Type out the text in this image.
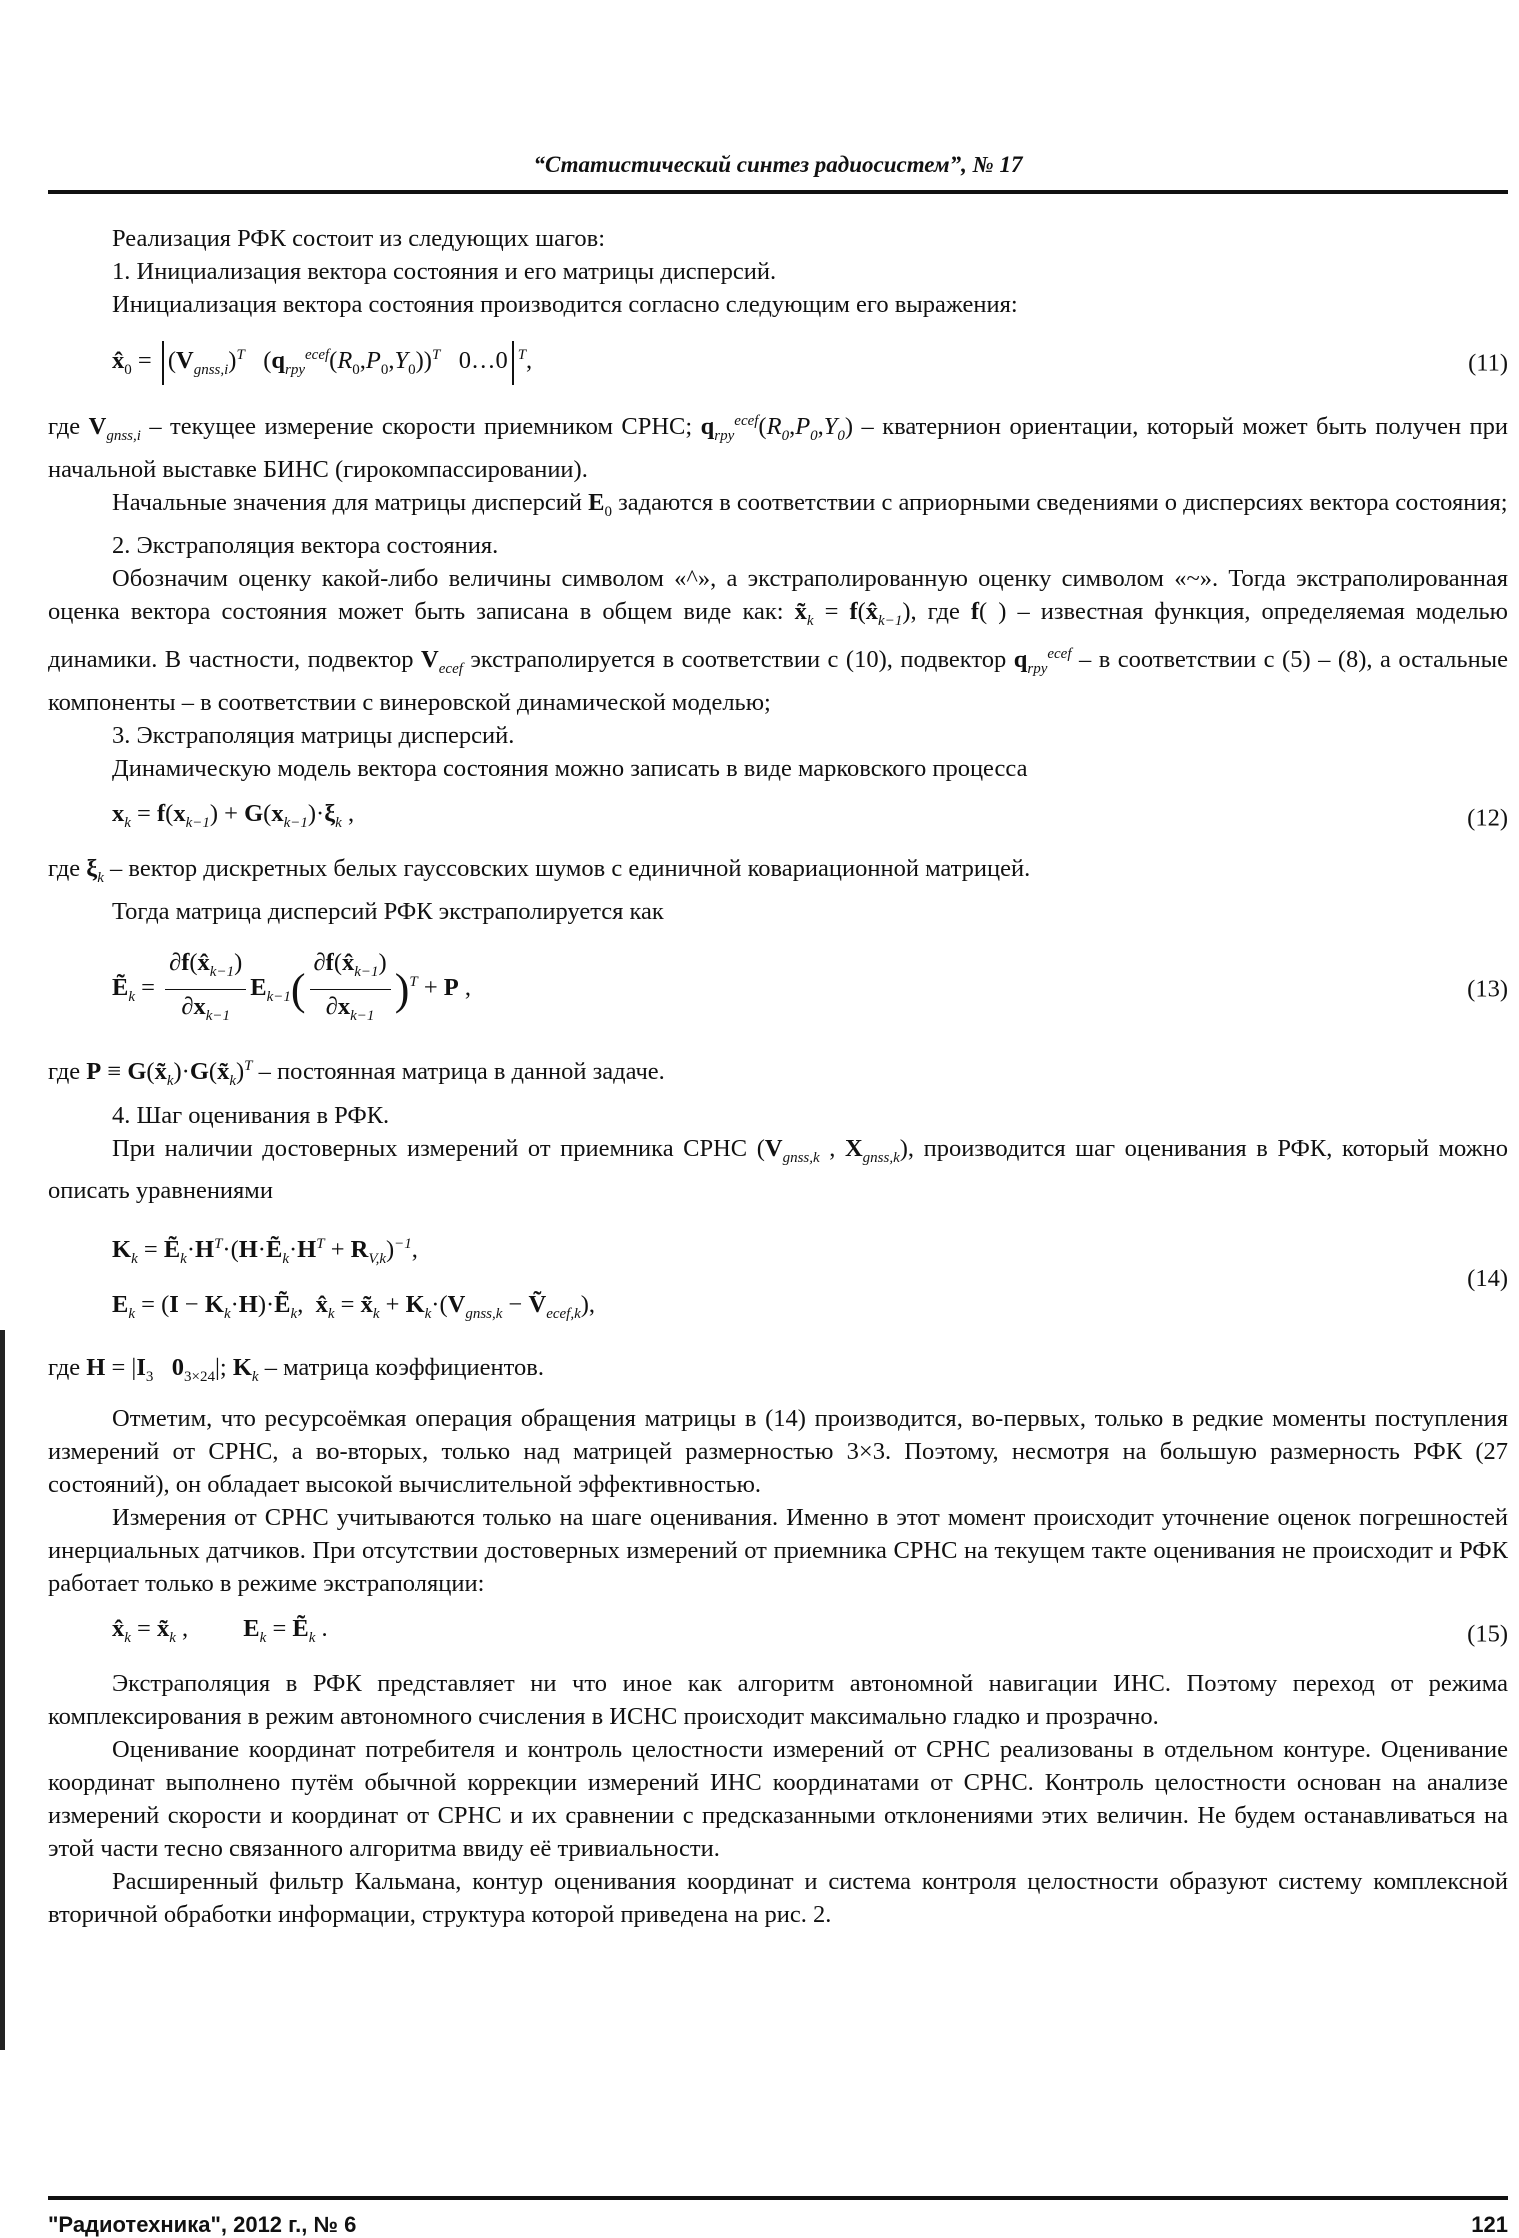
“Статистический синтез радиосистем”, № 17

Реализация РФК состоит из следующих шагов:

1. Инициализация вектора состояния и его матрицы дисперсий.

Инициализация вектора состояния производится согласно следующим его выражения:

$x̂_0 = (V_{gnss,i})^T$   $(q_{rpy}^{ecef}(R_0,P_0,Y_0))^T$ 0…0 $^T$,	(11)

где $V_{gnss,i}$ – текущее измерение скорости приемником СРНС; $q_{rpy}^{ecef}(R_0,P_0,Y_0)$ – кватернион ориентации, который может быть получен при начальной выставке БИНС (гирокомпассировании).

Начальные значения для матрицы дисперсий $E_0$ задаются в соответствии с априорными сведениями о дисперсиях вектора состояния;

2. Экстраполяция вектора состояния.

Обозначим оценку какой-либо величины символом «^», а экстраполированную оценку символом «~». Тогда экстраполированная оценка вектора состояния может быть записана в общем виде как: $x̃_k$ = $f(x̂_{k-1})$, где f( ) – известная функция, определяемая моделью динамики. В частности, подвектор $V_{ecef}$ экстраполируется в соответствии с (10), подвектор $q_{rpy}^{ecef}$ – в соответствии с (5) – (8), а остальные компоненты – в соответствии с винеровской динамической моделью;

3. Экстраполяция матрицы дисперсий.

Динамическую модель вектора состояния можно записать в виде марковского процесса

$x_k = f(x_{k-1}) + G(x_{k-1})\cdot\xi_k$ ,	(12)

где $\xi_k$ – вектор дискретных белых гауссовских шумов с единичной ковариационной матрицей.

Тогда матрица дисперсий РФК экстраполируется как

Ẽ$_k$ = $\frac{\partial f(x̂_{k-1})}{\partial x_{k-1}} E_{k-1}( \frac{\partial f(x̂_{k-1})}{\partial x_{k-1}} )^T + P$ ,	(13)

где $P \equiv G(x̃_k)\cdot G(x̃_k)^T$ – постоянная матрица в данной задаче.

4. Шаг оценивания в РФК.

При наличии достоверных измерений от приемника СРНС ($V_{gnss,k}$ , $X_{gnss,k}$), производится шаг оценивания в РФК, который можно описать уравнениями

$K_k$ = $Ẽ_k\cdot H^T\cdot(H\cdot Ẽ_k\cdot H^T + R_{V,k})^{-1}$,
$E_k = (I$ − $K_k\cdot H)\cdot Ẽ_k$,  $x̂_k$ = $x̃_k + K_k\cdot(V_{gnss,k}$ − Ṽ$_{ecef,k}$),
(14)

где $H = |I_3$ $0_{3\times 24}|$; $K_k$ – матрица коэффициентов.

Отметим, что ресурсоёмкая операция обращения матрицы в (14) производится, во-первых, только в редкие моменты поступления измерений от СРНС, а во-вторых, только над матрицей размерностью 3×3. Поэтому, несмотря на большую размерность РФК (27 состояний), он обладает высокой вычислительной эффективностью.

Измерения от СРНС учитываются только на шаге оценивания. Именно в этот момент происходит уточнение оценок погрешностей инерциальных датчиков. При отсутствии достоверных измерений от приемника СРНС на текущем такте оценивания не происходит и РФК работает только в режиме экстраполяции:

$x̂_k$ = $x̃_k$ ,         $E_k$ = Ẽ$_k$ .	(15)

Экстраполяция в РФК представляет ни что иное как алгоритм автономной навигации ИНС. Поэтому переход от режима комплексирования в режим автономного счисления в ИСНС происходит максимально гладко и прозрачно.

Оценивание координат потребителя и контроль целостности измерений от СРНС реализованы в отдельном контуре. Оценивание координат выполнено путём обычной коррекции измерений ИНС координатами от СРНС. Контроль целостности основан на анализе измерений скорости и координат от СРНС и их сравнении с предсказанными отклонениями этих величин. Не будем останавливаться на этой части тесно связанного алгоритма ввиду её тривиальности.

Расширенный фильтр Кальмана, контур оценивания координат и система контроля целостности образуют систему комплексной вторичной обработки информации, структура которой приведена на рис. 2.

"Радиотехника", 2012 г., № 6	121
